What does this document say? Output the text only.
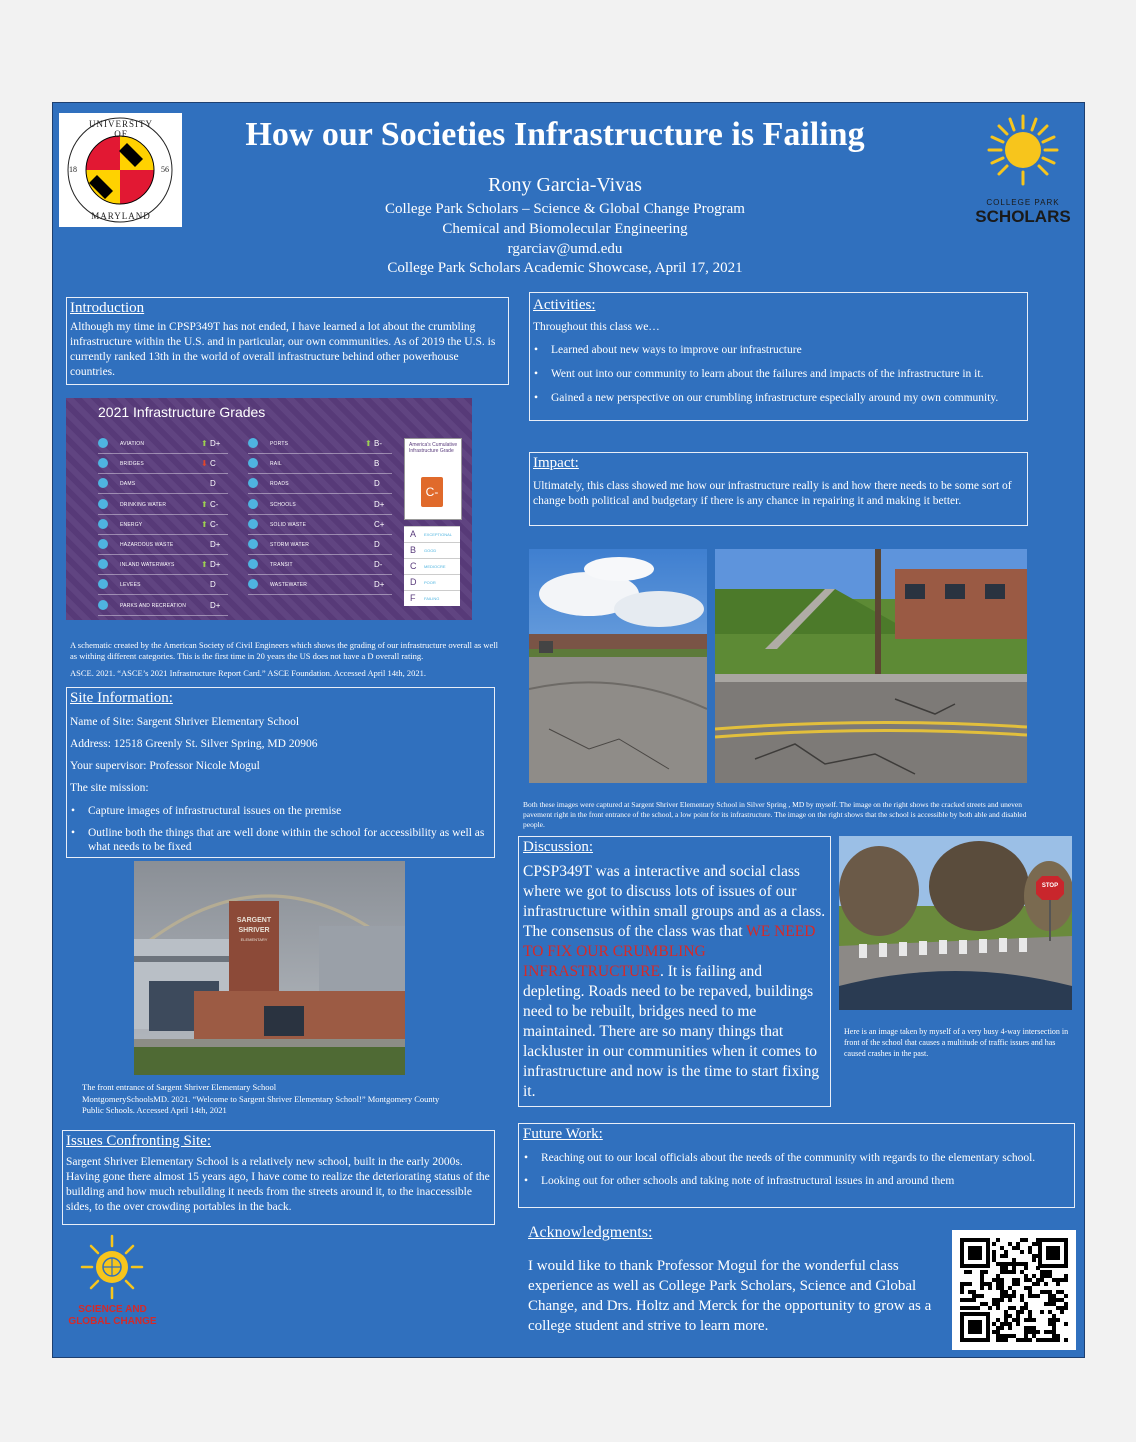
UNIVERSITY OF
MARYLAND
18	56
How our Societies Infrastructure is Failing
Rony Garcia-Vivas
College Park Scholars – Science & Global Change Program
Chemical and Biomolecular Engineering
rgarciav@umd.edu
College Park Scholars Academic Showcase, April 17, 2021
COLLEGE PARK
SCHOLARS
Introduction

Although my time in CPSP349T has not ended, I have learned a lot about the crumbling infrastructure within the U.S. and in particular, our own communities. As of 2019 the U.S. is currently ranked 13th in the world of overall infrastructure behind other powerhouse countries.

2021 Infrastructure Grades
AVIATION	⬆ D+
BRIDGES	⬇ C
DAMS	D
DRINKING WATER	⬆ C-
ENERGY	⬆ C-
HAZARDOUS WASTE	D+
INLAND WATERWAYS	⬆ D+
LEVEES	D
PARKS AND RECREATION	D+
PORTS	⬆ B-
RAIL	B
ROADS	D
SCHOOLS	D+
SOLID WASTE	C+
STORM WATER	D
TRANSIT	D-
WASTEWATER	D+
America's Cumulative Infrastructure Grade
C-
A EXCEPTIONAL
B GOOD
C MEDIOCRE
D POOR
F FAILING
A schematic created by the American Society of Civil Engineers which shows the grading of our infrastructure overall as well as withing different categories. This is the first time in 20 years the US does not have a D overall rating.
ASCE. 2021. “ASCE’s 2021 Infrastructure Report Card.” ASCE Foundation. Accessed April 14th, 2021.
Site Information:

Name of Site: Sargent Shriver Elementary School

Address: 12518 Greenly St. Silver Spring, MD 20906

Your supervisor: Professor Nicole Mogul

The site mission:

• Capture images of infrastructural issues on the premise
• Outline both the things that are well done within the school for accessibility as well as what needs to be fixed
SARGENT
SHRIVER
ELEMENTARY
The front entrance of Sargent Shriver Elementary School
MontgomerySchoolsMD. 2021. “Welcome to Sargent Shriver Elementary School!” Montgomery County Public Schools. Accessed April 14th, 2021
Issues Confronting Site:

Sargent Shriver Elementary School is a relatively new school, built in the early 2000s. Having gone there almost 15 years ago, I have come to realize the deteriorating status of the building and how much rebuilding it needs from the streets around it, to the inaccessible sides, to the over crowding portables in the back.

SCIENCE AND
GLOBAL CHANGE
Activities:

Throughout this class we…

• Learned about new ways to improve our infrastructure
• Went out into our community to learn about the failures and impacts of the infrastructure in it.
• Gained a new perspective on our crumbling infrastructure especially around my own community.
Impact:

Ultimately, this class showed me how our infrastructure really is and how there needs to be some sort of change both political and budgetary if there is any chance in repairing it and making it better.

Both these images were captured at Sargent Shriver Elementary School in Silver Spring , MD by myself. The image on the right shows the cracked streets and uneven pavement right in the front entrance of the school, a low point for its infrastructure. The image on the right shows that the school is accessible by both able and disabled people.
Discussion:

CPSP349T was a interactive and social class where we got to discuss lots of issues of our infrastructure within small groups and as a class. The consensus of the class was that WE NEED TO FIX OUR CRUMBLING INFRASTRUCTURE. It is failing and depleting. Roads need to be repaved, buildings need to be rebuilt, bridges need to me maintained. There are so many things that lackluster in our communities when it comes to infrastructure and now is the time to start fixing it.

STOP
Here is an image taken by myself of a very busy 4-way intersection in front of the school that causes a multitude of traffic issues and has caused crashes in the past.
Future Work:
• Reaching out to our local officials about the needs of the community with regards to the elementary school.
• Looking out for other schools and taking note of infrastructural issues in and around them
Acknowledgments:
I would like to thank Professor Mogul for the wonderful class experience as well as College Park Scholars, Science and Global Change, and Drs. Holtz and Merck for the opportunity to grow as a college student and strive to learn more.
